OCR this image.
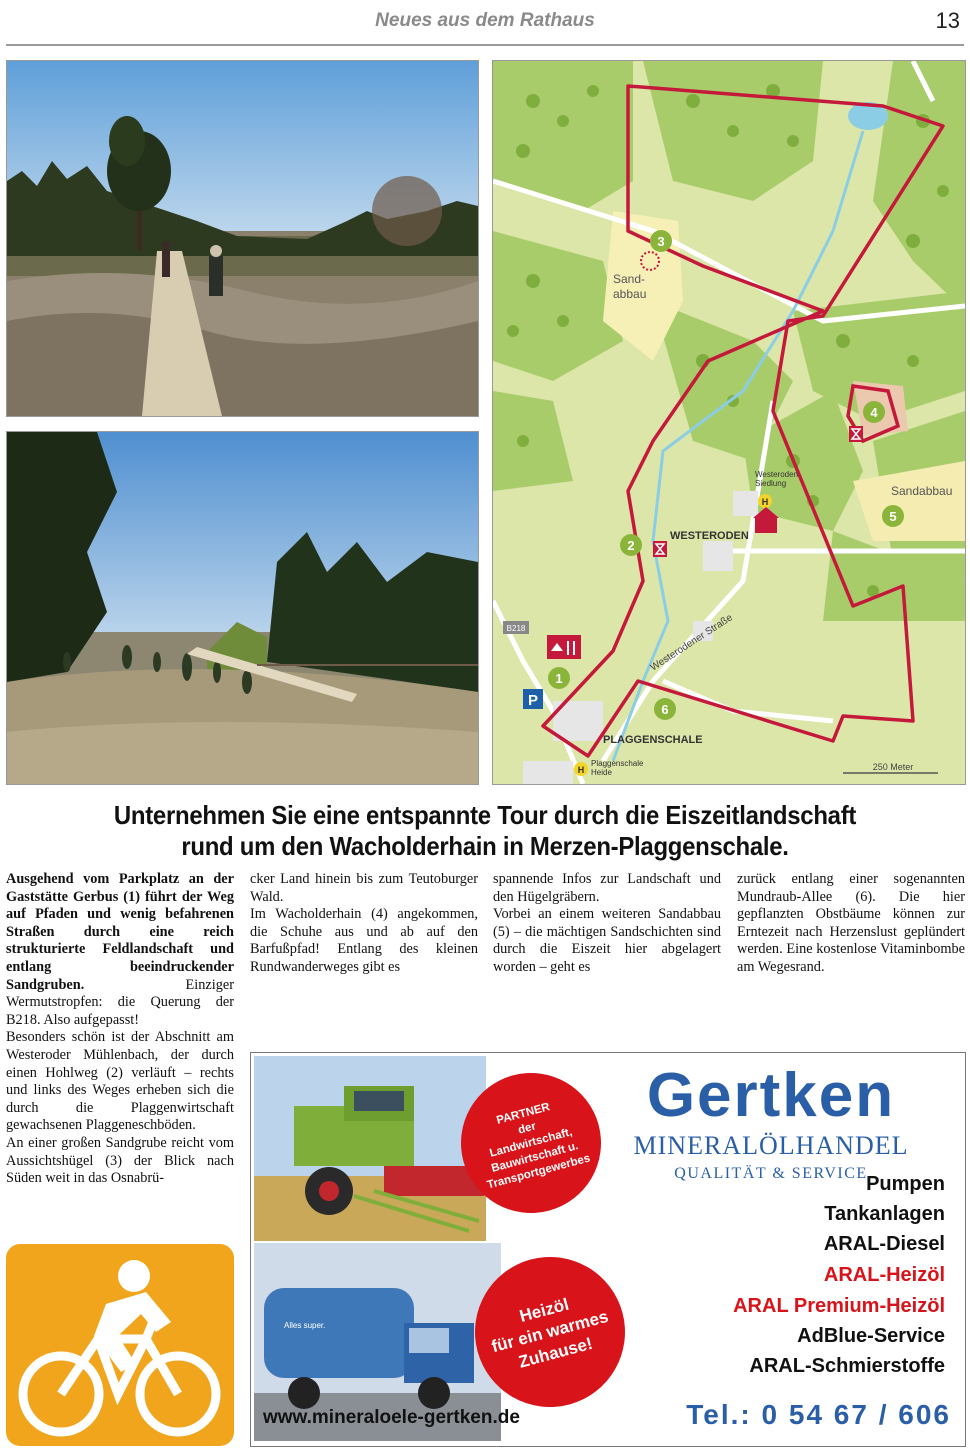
Neues aus dem Rathaus	13
250 Meter
Sand-abbau
Sandabbau
WESTERODEN
Westeroden Siedlung
PLAGGENSCHALE
Plaggenschale Heide
Westerodener Straße
B218
P
H
H
1
2
3
4
5
6
Unternehmen Sie eine entspannte Tour durch die Eiszeitlandschaft
rund um den Wacholderhain in Merzen-Plaggenschale.

Ausgehend vom Parkplatz an der Gaststätte Gerbus (1) führt der Weg auf Pfaden und wenig befahrenen Straßen durch eine reich strukturierte Feldlandschaft und entlang beeindruckender Sandgruben. Einziger Wermutstropfen: die Querung der B218. Also aufgepasst!

Besonders schön ist der Abschnitt am Westeroder Mühlenbach, der durch einen Hohlweg (2) verläuft – rechts und links des Weges erheben sich die durch die Plaggenwirtschaft gewachsenen Plaggeneschböden.

An einer großen Sandgrube reicht vom Aussichtshügel (3) der Blick nach Süden weit in das Osnabrü-

cker Land hinein bis zum Teutoburger Wald.

Im Wacholderhain (4) angekommen, die Schuhe aus und ab auf den Barfußpfad! Entlang des kleinen Rundwanderweges gibt es

spannende Infos zur Landschaft und den Hügelgräbern.

Vorbei an einem weiteren Sandabbau (5) – die mächtigen Sandschichten sind durch die Eiszeit hier abgelagert worden – geht es

zurück entlang einer sogenannten Mundraub-Allee (6). Die hier gepflanzten Obstbäume können zur Erntezeit nach Herzenslust geplündert werden. Eine kostenlose Vitaminbombe am Wegesrand.

Alles super.
PARTNER
der
Landwirtschaft,
Bauwirtschaft u.
Transportgewerbes
Heizöl
für ein warmes
Zuhause!
Gertken
MINERALÖLHANDEL
QUALITÄT & SERVICE
Pumpen
Tankanlagen
ARAL-Diesel
ARAL-Heizöl
ARAL Premium-Heizöl
AdBlue-Service
ARAL-Schmierstoffe
www.mineraloele-gertken.de	Tel.: 0 54 67 / 606
